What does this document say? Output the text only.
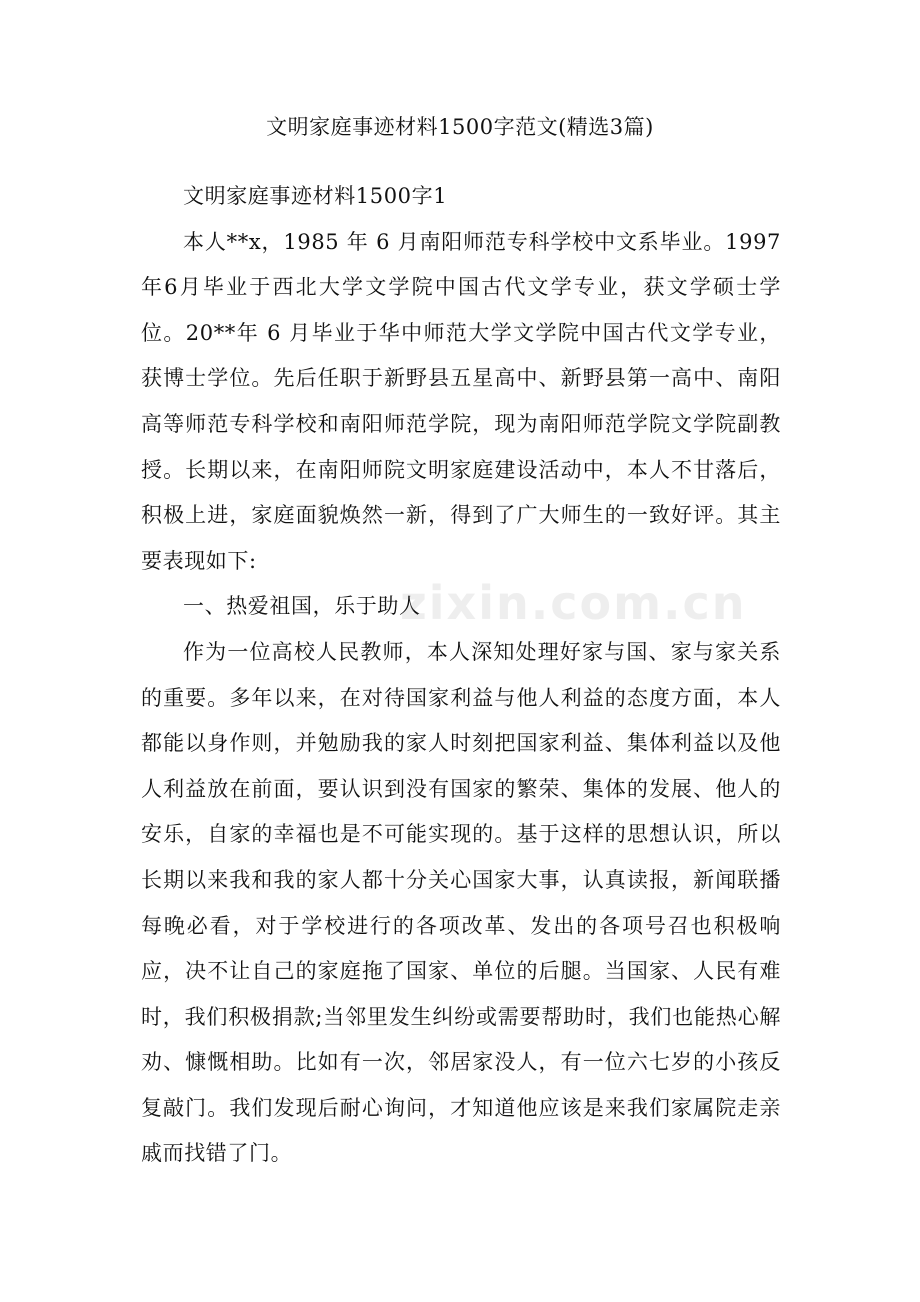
文明家庭事迹材料1500字范文(精选3篇)

文明家庭事迹材料1500字1

本人**x，1985 年 6 月南阳师范专科学校中文系毕业。1997年6月毕业于西北大学文学院中国古代文学专业，获文学硕士学位。20**年 6 月毕业于华中师范大学文学院中国古代文学专业，获博士学位。先后任职于新野县五星高中、新野县第一高中、南阳高等师范专科学校和南阳师范学院，现为南阳师范学院文学院副教授。长期以来，在南阳师院文明家庭建设活动中，本人不甘落后，积极上进，家庭面貌焕然一新，得到了广大师生的一致好评。其主要表现如下:

一、热爱祖国，乐于助人

作为一位高校人民教师，本人深知处理好家与国、家与家关系的重要。多年以来，在对待国家利益与他人利益的态度方面，本人都能以身作则，并勉励我的家人时刻把国家利益、集体利益以及他人利益放在前面，要认识到没有国家的繁荣、集体的发展、他人的安乐，自家的幸福也是不可能实现的。基于这样的思想认识，所以长期以来我和我的家人都十分关心国家大事，认真读报，新闻联播每晚必看，对于学校进行的各项改革、发出的各项号召也积极响应，决不让自己的家庭拖了国家、单位的后腿。当国家、人民有难时，我们积极捐款;当邻里发生纠纷或需要帮助时，我们也能热心解劝、慷慨相助。比如有一次，邻居家没人，有一位六七岁的小孩反复敲门。我们发现后耐心询问，才知道他应该是来我们家属院走亲戚而找错了门。

zixin.com.cn
